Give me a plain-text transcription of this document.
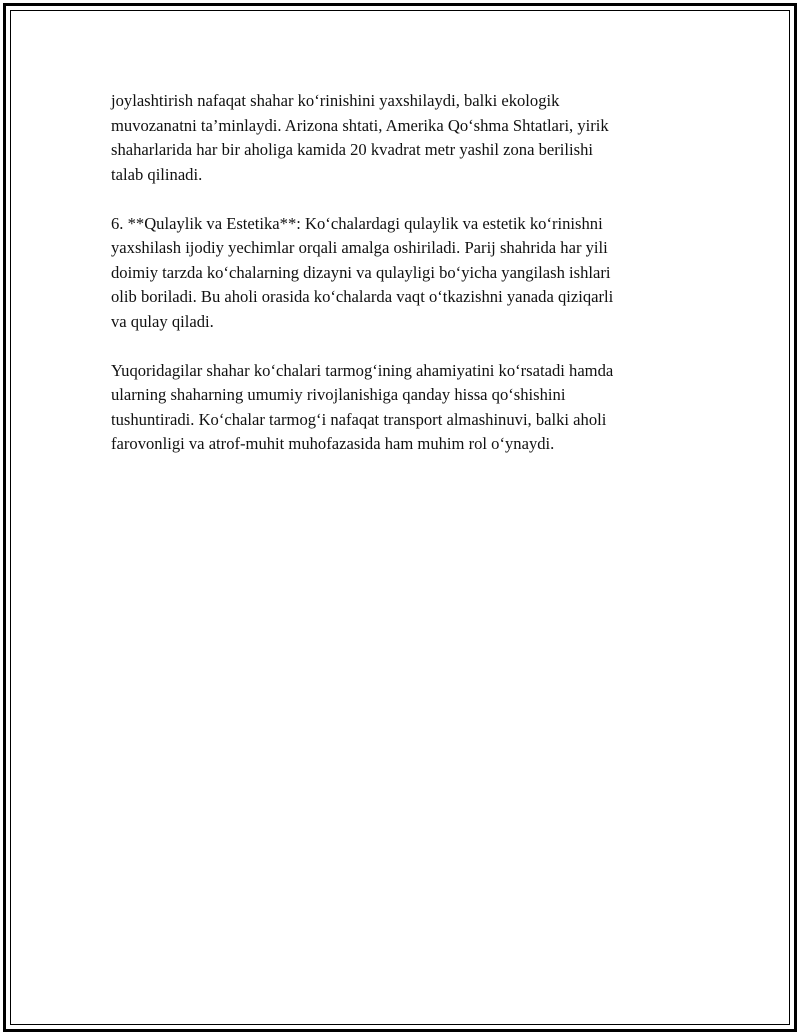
joylashtirish nafaqat shahar ko‘rinishini yaxshilaydi, balki ekologik
muvozanatni ta’minlaydi. Arizona shtati, Amerika Qo‘shma Shtatlari, yirik
shaharlarida har bir aholiga kamida 20 kvadrat metr yashil zona berilishi
talab qilinadi.

6. **Qulaylik va Estetika**: Ko‘chalardagi qulaylik va estetik ko‘rinishni
yaxshilash ijodiy yechimlar orqali amalga oshiriladi. Parij shahrida har yili
doimiy tarzda ko‘chalarning dizayni va qulayligi bo‘yicha yangilash ishlari
olib boriladi. Bu aholi orasida ko‘chalarda vaqt o‘tkazishni yanada qiziqarli
va qulay qiladi.

Yuqoridagilar shahar ko‘chalari tarmog‘ining ahamiyatini ko‘rsatadi hamda
ularning shaharning umumiy rivojlanishiga qanday hissa qo‘shishini
tushuntiradi. Ko‘chalar tarmog‘i nafaqat transport almashinuvi, balki aholi
farovonligi va atrof-muhit muhofazasida ham muhim rol o‘ynaydi.
